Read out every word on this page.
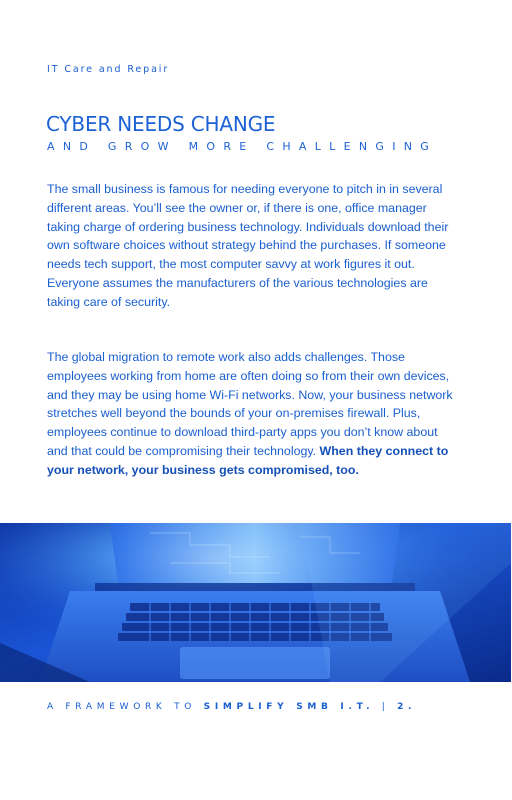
IT Care and Repair
CYBER NEEDS CHANGE
AND GROW MORE CHALLENGING

The small business is famous for needing everyone to pitch in in several different areas. You’ll see the owner or, if there is one, office manager taking charge of ordering business technology. Individuals download their own software choices without strategy behind the purchases. If someone needs tech support, the most computer savvy at work figures it out. Everyone assumes the manufacturers of the various technologies are taking care of security.

The global migration to remote work also adds challenges. Those employees working from home are often doing so from their own devices, and they may be using home Wi-Fi networks. Now, your business network stretches well beyond the bounds of your on-premises firewall. Plus, employees continue to download third-party apps you don’t know about and that could be compromising their technology. When they connect to your network, your business gets compromised, too.

A FRAMEWORK TO SIMPLIFY SMB I.T. | 2.
